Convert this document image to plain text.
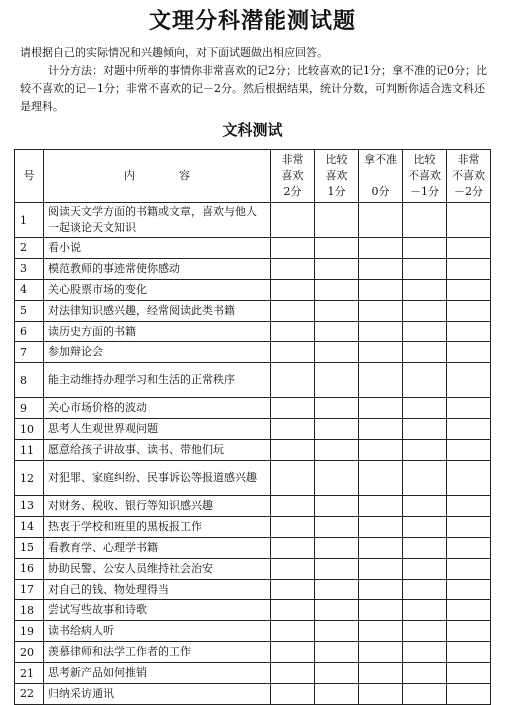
文理分科潜能测试题

请根据自己的实际情况和兴趣倾向，对下面试题做出相应回答。

计分方法：对题中所举的事情你非常喜欢的记2分；比较喜欢的记1分；拿不准的记0分；比较不喜欢的记－1分；非常不喜欢的记－2分。然后根据结果，统计分数，可判断你适合选文科还是理科。

文科测试
号	内　　　　容	非常
喜欢
2分	比较
喜欢
1分	拿不准

0分	比较
不喜欢
－1分	非常
不喜欢
－2分

1	阅读天文学方面的书籍或文章，喜欢与他人一起谈论天文知识					
2	看小说					
3	模范教师的事迹常使你感动					
4	关心股票市场的变化					
5	对法律知识感兴趣，经常阅读此类书籍					
6	读历史方面的书籍					
7	参加辩论会					
8	能主动维持办理学习和生活的正常秩序					
9	关心市场价格的波动					
10	思考人生观世界观问题					
11	愿意给孩子讲故事、读书、带他们玩					
12	对犯罪、家庭纠纷、民事诉讼等报道感兴趣					
13	对财务、税收、银行等知识感兴趣					
14	热衷于学校和班里的黑板报工作					
15	看教育学、心理学书籍					
16	协助民警、公安人员维持社会治安					
17	对自己的钱、物处理得当					
18	尝试写些故事和诗歌					
19	读书给病人听					
20	羡慕律师和法学工作者的工作					
21	思考新产品如何推销					
22	归纳采访通讯					
